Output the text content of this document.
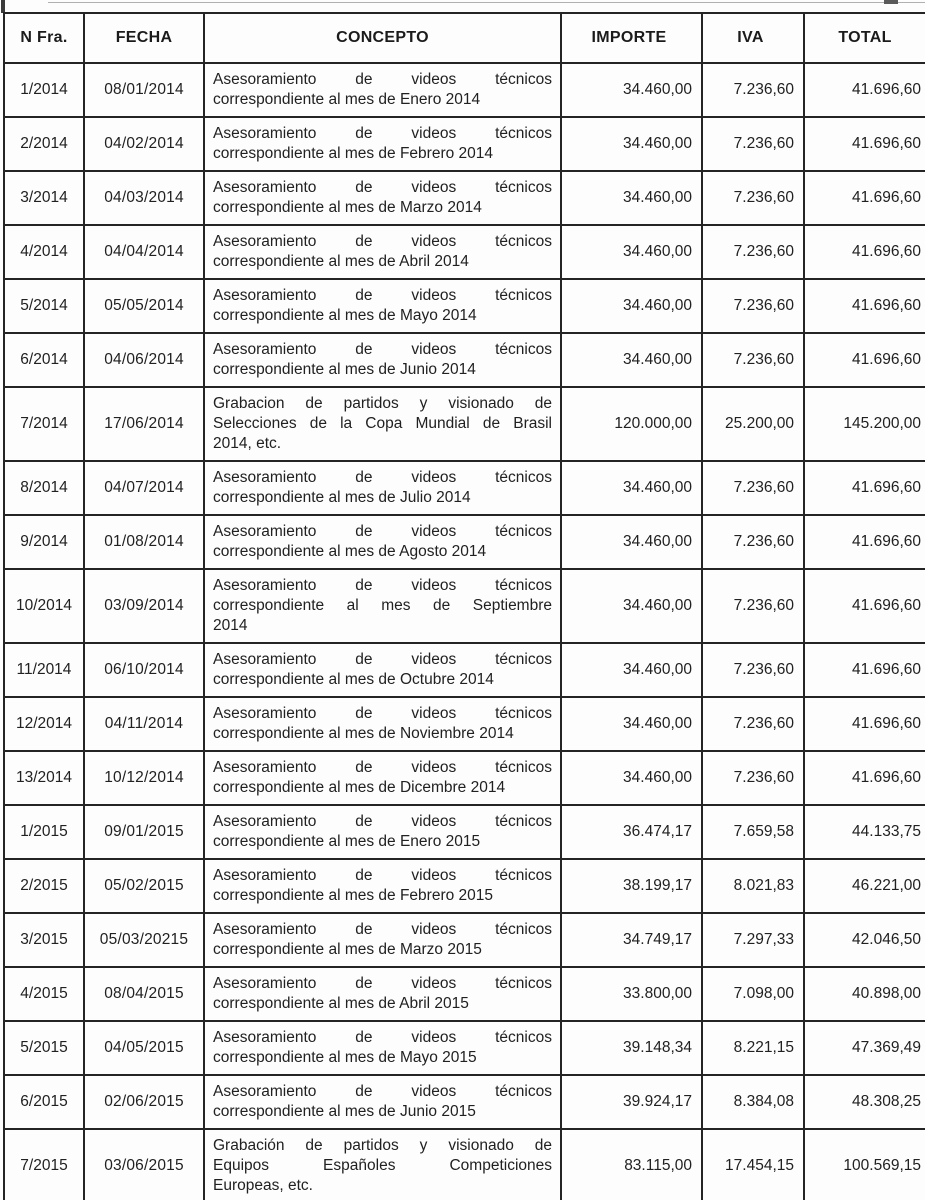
N Fra.	FECHA	CONCEPTO	IMPORTE	IVA	TOTAL
1/2014	08/01/2014	Asesoramiento de videos técnicos
correspondiente al mes de Enero 2014	34.460,00	7.236,60	41.696,60
2/2014	04/02/2014	Asesoramiento de videos técnicos
correspondiente al mes de Febrero 2014	34.460,00	7.236,60	41.696,60
3/2014	04/03/2014	Asesoramiento de videos técnicos
correspondiente al mes de Marzo 2014	34.460,00	7.236,60	41.696,60
4/2014	04/04/2014	Asesoramiento de videos técnicos
correspondiente al mes de Abril 2014	34.460,00	7.236,60	41.696,60
5/2014	05/05/2014	Asesoramiento de videos técnicos
correspondiente al mes de Mayo 2014	34.460,00	7.236,60	41.696,60
6/2014	04/06/2014	Asesoramiento de videos técnicos
correspondiente al mes de Junio 2014	34.460,00	7.236,60	41.696,60
7/2014	17/06/2014	Grabacion de partidos y visionado de
Selecciones de la Copa Mundial de Brasil
2014, etc.	120.000,00	25.200,00	145.200,00
8/2014	04/07/2014	Asesoramiento de videos técnicos
correspondiente al mes de Julio 2014	34.460,00	7.236,60	41.696,60
9/2014	01/08/2014	Asesoramiento de videos técnicos
correspondiente al mes de Agosto 2014	34.460,00	7.236,60	41.696,60
10/2014	03/09/2014	Asesoramiento de videos técnicos
correspondiente al mes de Septiembre
2014	34.460,00	7.236,60	41.696,60
11/2014	06/10/2014	Asesoramiento de videos técnicos
correspondiente al mes de Octubre 2014	34.460,00	7.236,60	41.696,60
12/2014	04/11/2014	Asesoramiento de videos técnicos
correspondiente al mes de Noviembre 2014	34.460,00	7.236,60	41.696,60
13/2014	10/12/2014	Asesoramiento de videos técnicos
correspondiente al mes de Dicembre 2014	34.460,00	7.236,60	41.696,60
1/2015	09/01/2015	Asesoramiento de videos técnicos
correspondiente al mes de Enero 2015	36.474,17	7.659,58	44.133,75
2/2015	05/02/2015	Asesoramiento de videos técnicos
correspondiente al mes de Febrero 2015	38.199,17	8.021,83	46.221,00
3/2015	05/03/20215	Asesoramiento de videos técnicos
correspondiente al mes de Marzo 2015	34.749,17	7.297,33	42.046,50
4/2015	08/04/2015	Asesoramiento de videos técnicos
correspondiente al mes de Abril 2015	33.800,00	7.098,00	40.898,00
5/2015	04/05/2015	Asesoramiento de videos técnicos
correspondiente al mes de Mayo 2015	39.148,34	8.221,15	47.369,49
6/2015	02/06/2015	Asesoramiento de videos técnicos
correspondiente al mes de Junio 2015	39.924,17	8.384,08	48.308,25
7/2015	03/06/2015	Grabación de partidos y visionado de
Equipos Españoles Competiciones
Europeas, etc.	83.115,00	17.454,15	100.569,15
